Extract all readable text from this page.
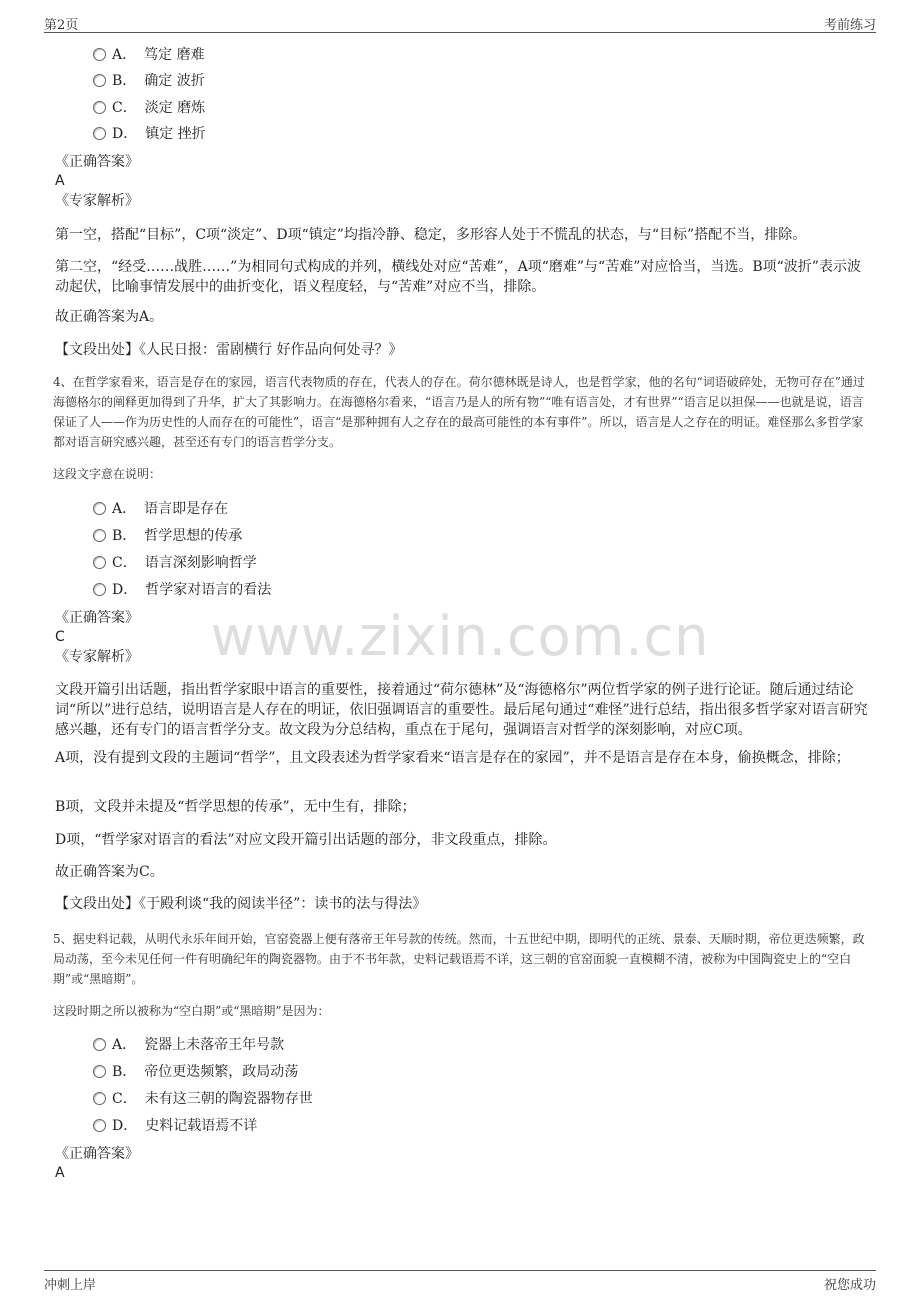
第2页	考前练习
www.zixin.com.cn
A． 笃定 磨难
B． 确定 波折
C． 淡定 磨炼
D． 镇定 挫折
《正确答案》
A
《专家解析》
第一空，搭配“目标”，C项“淡定”、D项“镇定”均指冷静、稳定，多形容人处于不慌乱的状态，与“目标”搭配不当，排除。
第二空，“经受……战胜……”为相同句式构成的并列，横线处对应“苦难”，A项“磨难”与“苦难”对应恰当，当选。B项“波折”表示波动起伏，比喻事情发展中的曲折变化，语义程度轻，与“苦难”对应不当，排除。
故正确答案为A。
【文段出处】《人民日报：雷剧横行 好作品向何处寻？》
4、在哲学家看来，语言是存在的家园，语言代表物质的存在，代表人的存在。荷尔德林既是诗人，也是哲学家，他的名句“词语破碎处，无物可存在”通过海德格尔的阐释更加得到了升华，扩大了其影响力。在海德格尔看来，“语言乃是人的所有物”“唯有语言处，才有世界”“语言足以担保——也就是说，语言保证了人——作为历史性的人而存在的可能性”，语言“是那种拥有人之存在的最高可能性的本有事件”。所以，语言是人之存在的明证。难怪那么多哲学家都对语言研究感兴趣，甚至还有专门的语言哲学分支。
这段文字意在说明：
A． 语言即是存在
B． 哲学思想的传承
C． 语言深刻影响哲学
D． 哲学家对语言的看法
《正确答案》
C
《专家解析》
文段开篇引出话题，指出哲学家眼中语言的重要性，接着通过“荷尔德林”及“海德格尔”两位哲学家的例子进行论证。随后通过结论词“所以”进行总结，说明语言是人存在的明证，依旧强调语言的重要性。最后尾句通过“难怪”进行总结，指出很多哲学家对语言研究感兴趣，还有专门的语言哲学分支。故文段为分总结构，重点在于尾句，强调语言对哲学的深刻影响，对应C项。
A项，没有提到文段的主题词“哲学”，且文段表述为哲学家看来“语言是存在的家园”，并不是语言是存在本身，偷换概念，排除；
B项，文段并未提及“哲学思想的传承”，无中生有，排除；
D项，“哲学家对语言的看法”对应文段开篇引出话题的部分，非文段重点，排除。
故正确答案为C。
【文段出处】《于殿利谈“我的阅读半径”：读书的法与得法》
5、据史料记载，从明代永乐年间开始，官窑瓷器上便有落帝王年号款的传统。然而，十五世纪中期，即明代的正统、景泰、天顺时期，帝位更迭频繁，政局动荡，至今未见任何一件有明确纪年的陶瓷器物。由于不书年款，史料记载语焉不详，这三朝的官窑面貌一直模糊不清，被称为中国陶瓷史上的“空白期”或“黑暗期”。
这段时期之所以被称为“空白期”或“黑暗期”是因为：
A． 瓷器上未落帝王年号款
B． 帝位更迭频繁，政局动荡
C． 未有这三朝的陶瓷器物存世
D． 史料记载语焉不详
《正确答案》
A
冲刺上岸	祝您成功
